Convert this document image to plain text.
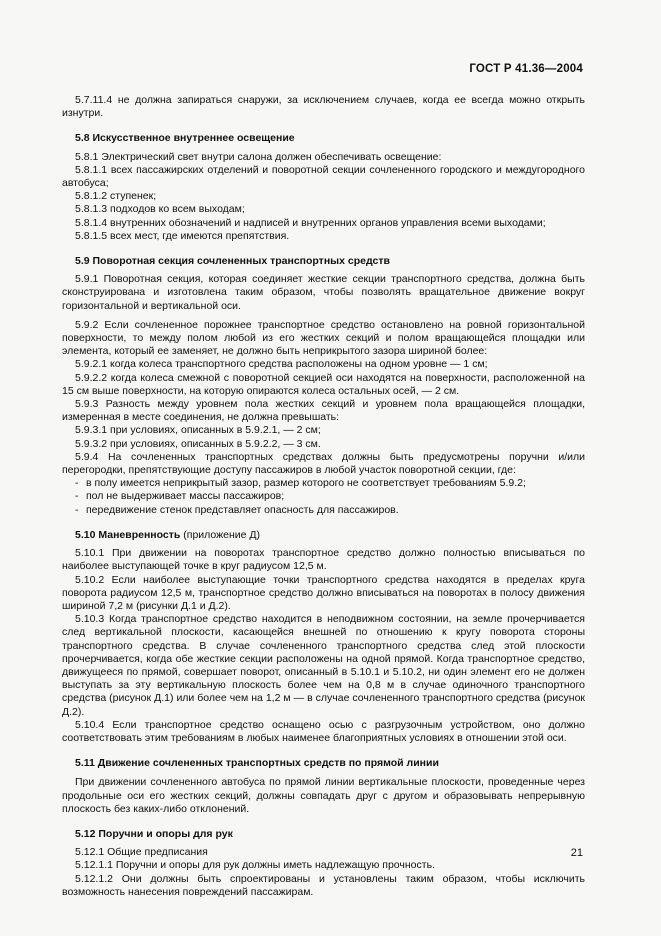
ГОСТ Р 41.36—2004

5.7.11.4 не должна запираться снаружи, за исключением случаев, когда ее всегда можно открыть изнутри.

5.8 Искусственное внутреннее освещение

5.8.1 Электрический свет внутри салона должен обеспечивать освещение:

5.8.1.1 всех пассажирских отделений и поворотной секции сочлененного городского и междугородного автобуса;

5.8.1.2 ступенек;

5.8.1.3 подходов ко всем выходам;

5.8.1.4 внутренних обозначений и надписей и внутренних органов управления всеми выходами;

5.8.1.5 всех мест, где имеются препятствия.

5.9 Поворотная секция сочлененных транспортных средств

5.9.1 Поворотная секция, которая соединяет жесткие секции транспортного средства, должна быть сконструирована и изготовлена таким образом, чтобы позволять вращательное движение вокруг горизонтальной и вертикальной оси.

5.9.2 Если сочлененное порожнее транспортное средство остановлено на ровной горизонтальной поверхности, то между полом любой из его жестких секций и полом вращающейся площадки или элемента, который ее заменяет, не должно быть неприкрытого зазора шириной более:

5.9.2.1 когда колеса транспортного средства расположены на одном уровне — 1 см;

5.9.2.2 когда колеса смежной с поворотной секцией оси находятся на поверхности, расположенной на 15 см выше поверхности, на которую опираются колеса остальных осей, — 2 см.

5.9.3 Разность между уровнем пола жестких секций и уровнем пола вращающейся площадки, измеренная в месте соединения, не должна превышать:

5.9.3.1 при условиях, описанных в 5.9.2.1, — 2 см;

5.9.3.2 при условиях, описанных в 5.9.2.2, — 3 см.

5.9.4 На сочлененных транспортных средствах должны быть предусмотрены поручни и/или перегородки, препятствующие доступу пассажиров в любой участок поворотной секции, где:

- в полу имеется неприкрытый зазор, размер которого не соответствует требованиям 5.9.2;

- пол не выдерживает массы пассажиров;

- передвижение стенок представляет опасность для пассажиров.

5.10 Маневренность (приложение Д)

5.10.1 При движении на поворотах транспортное средство должно полностью вписываться по наиболее выступающей точке в круг радиусом 12,5 м.

5.10.2 Если наиболее выступающие точки транспортного средства находятся в пределах круга поворота радиусом 12,5 м, транспортное средство должно вписываться на поворотах в полосу движения шириной 7,2 м (рисунки Д.1 и Д.2).

5.10.3 Когда транспортное средство находится в неподвижном состоянии, на земле прочерчивается след вертикальной плоскости, касающейся внешней по отношению к кругу поворота стороны транспортного средства. В случае сочлененного транспортного средства след этой плоскости прочерчивается, когда обе жесткие секции расположены на одной прямой. Когда транспортное средство, движущееся по прямой, совершает поворот, описанный в 5.10.1 и 5.10.2, ни один элемент его не должен выступать за эту вертикальную плоскость более чем на 0,8 м в случае одиночного транспортного средства (рисунок Д.1) или более чем на 1,2 м — в случае сочлененного транспортного средства (рисунок Д.2).

5.10.4 Если транспортное средство оснащено осью с разгрузочным устройством, оно должно соответствовать этим требованиям в любых наименее благоприятных условиях в отношении этой оси.

5.11 Движение сочлененных транспортных средств по прямой линии

При движении сочлененного автобуса по прямой линии вертикальные плоскости, проведенные через продольные оси его жестких секций, должны совпадать друг с другом и образовывать непрерывную плоскость без каких-либо отклонений.

5.12 Поручни и опоры для рук

5.12.1 Общие предписания

5.12.1.1 Поручни и опоры для рук должны иметь надлежащую прочность.

5.12.1.2 Они должны быть спроектированы и установлены таким образом, чтобы исключить возможность нанесения повреждений пассажирам.

21
